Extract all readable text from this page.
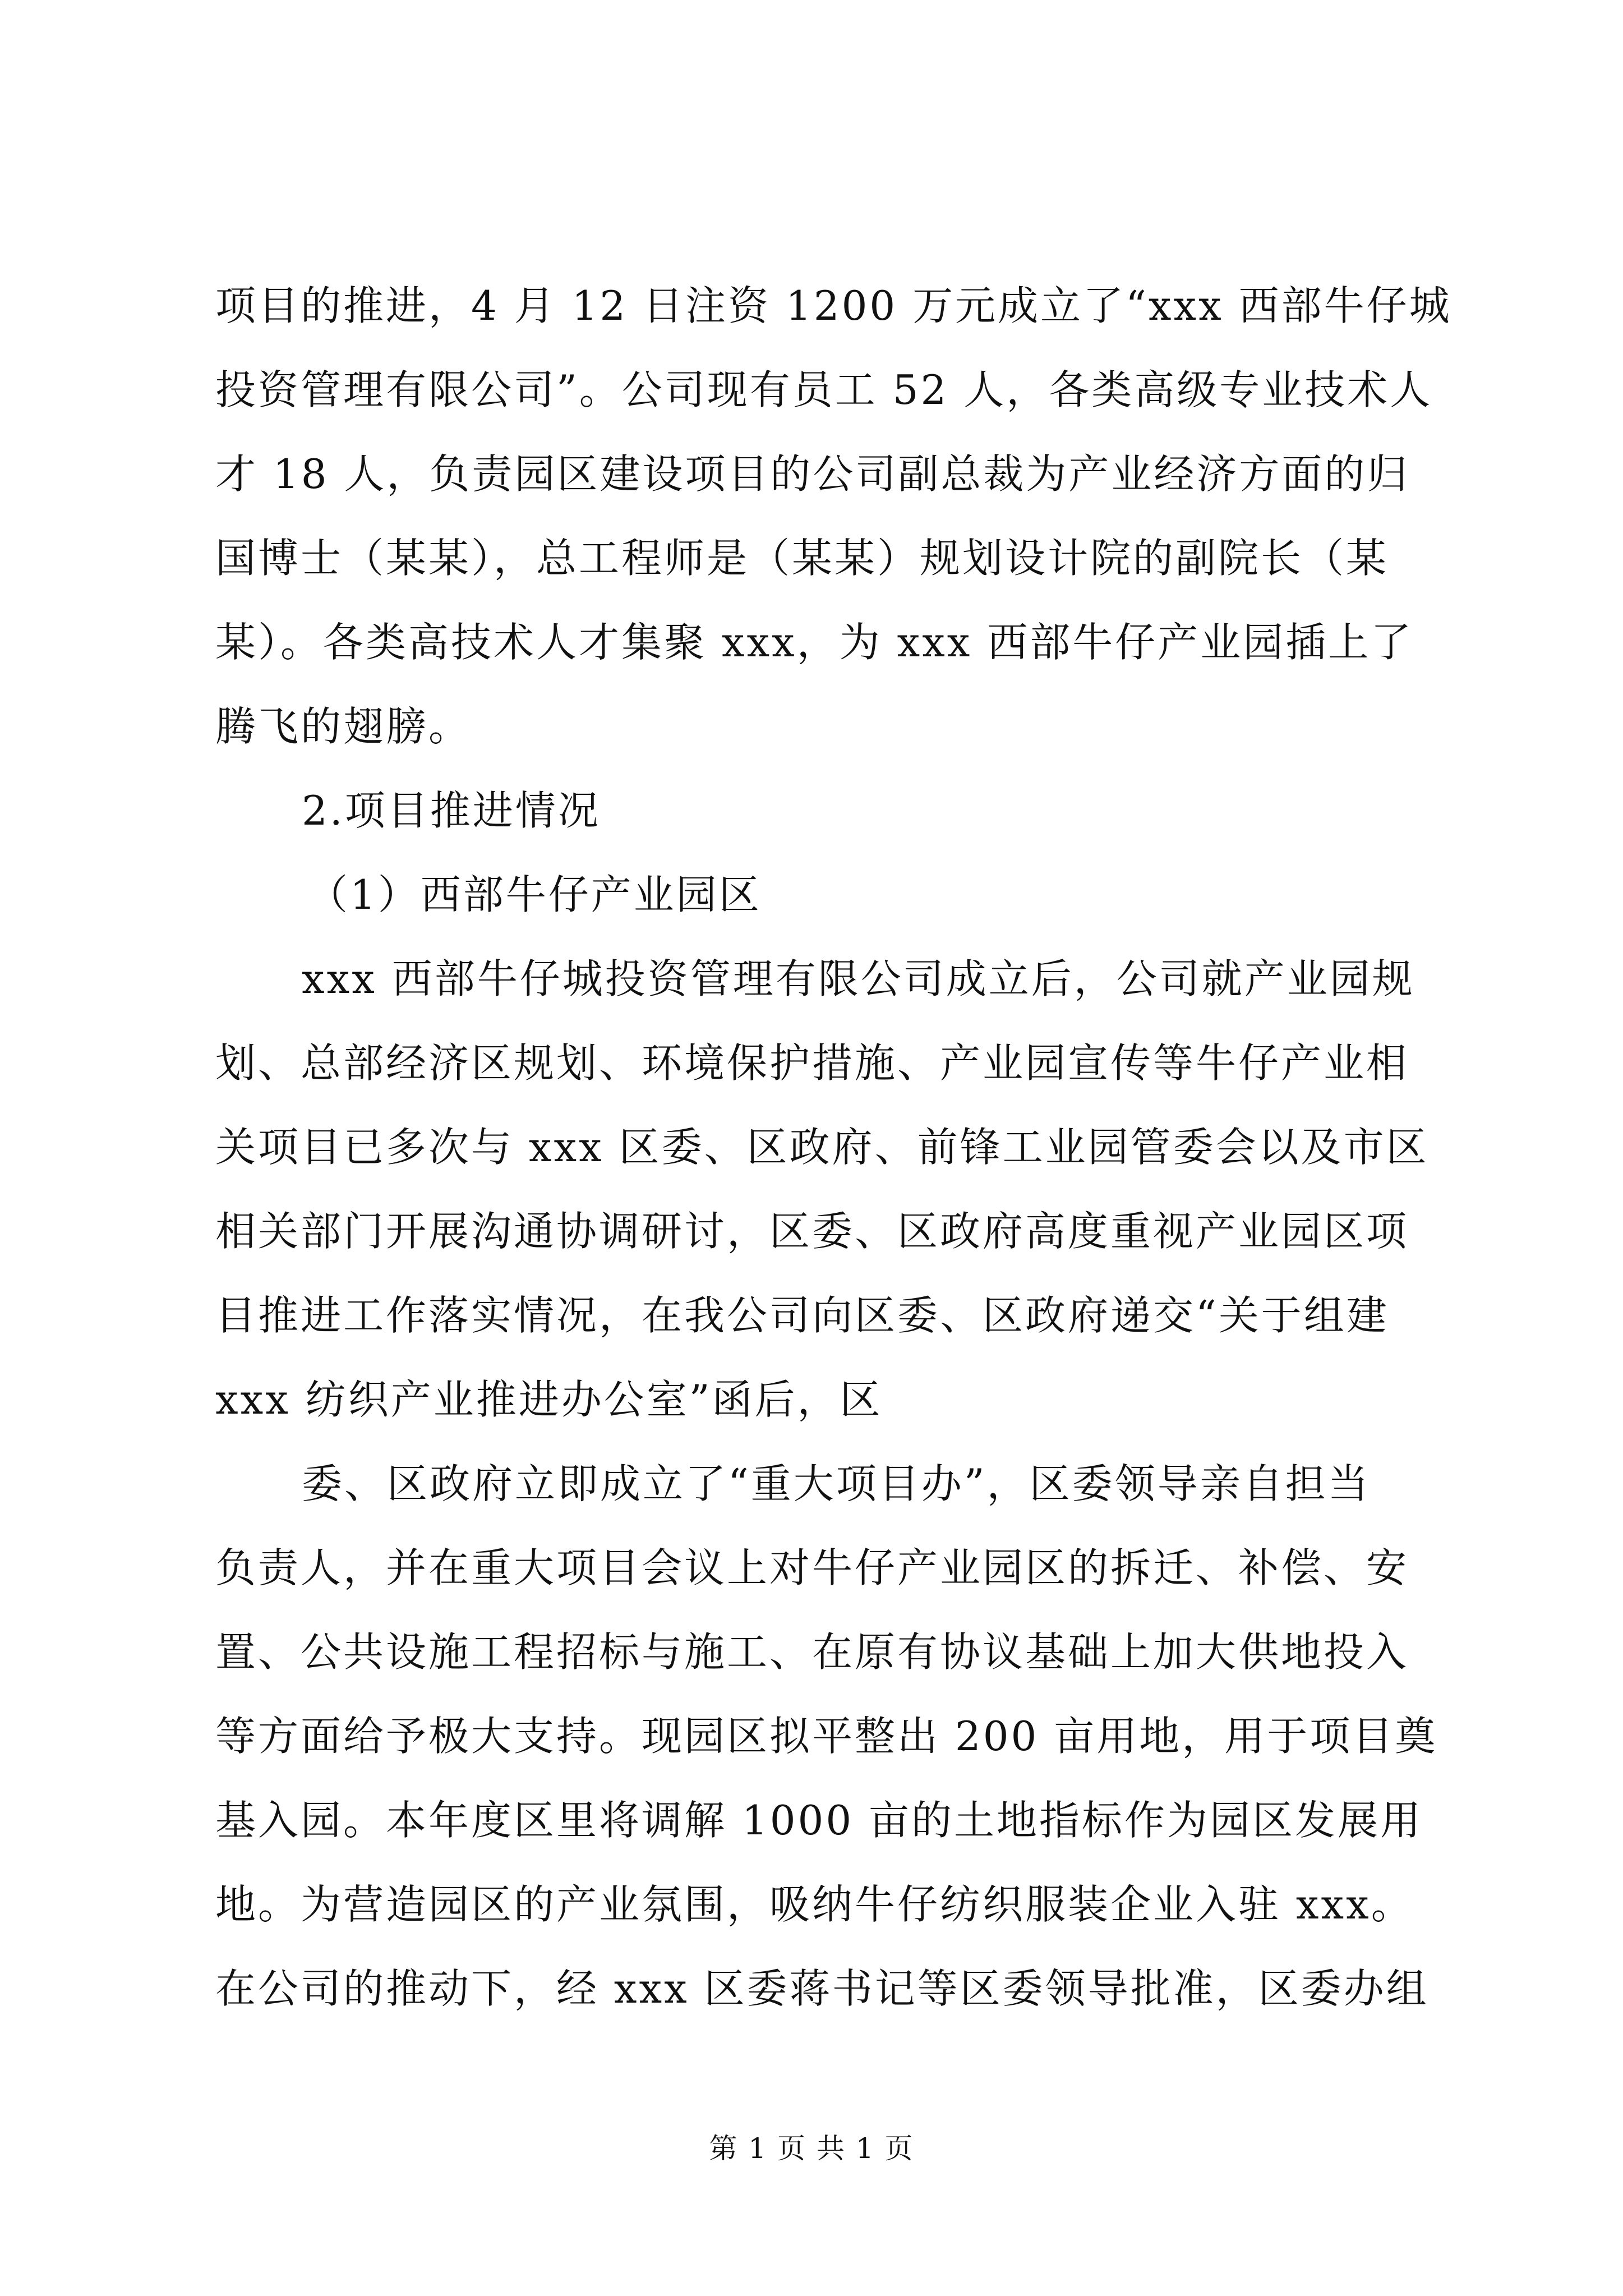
项目的推进，4 月 12 日注资 1200 万元成立了“xxx 西部牛仔城

投资管理有限公司”。公司现有员工 52 人，各类高级专业技术人

才 18 人，负责园区建设项目的公司副总裁为产业经济方面的归

国博士（某某），总工程师是（某某）规划设计院的副院长（某

某）。各类高技术人才集聚 xxx，为 xxx 西部牛仔产业园插上了

腾飞的翅膀。

2.项目推进情况

（1）西部牛仔产业园区

xxx 西部牛仔城投资管理有限公司成立后，公司就产业园规

划、总部经济区规划、环境保护措施、产业园宣传等牛仔产业相

关项目已多次与 xxx 区委、区政府、前锋工业园管委会以及市区

相关部门开展沟通协调研讨，区委、区政府高度重视产业园区项

目推进工作落实情况，在我公司向区委、区政府递交“关于组建

xxx 纺织产业推进办公室”函后，区

委、区政府立即成立了“重大项目办”，区委领导亲自担当

负责人，并在重大项目会议上对牛仔产业园区的拆迁、补偿、安

置、公共设施工程招标与施工、在原有协议基础上加大供地投入

等方面给予极大支持。现园区拟平整出 200 亩用地，用于项目奠

基入园。本年度区里将调解 1000 亩的土地指标作为园区发展用

地。为营造园区的产业氛围，吸纳牛仔纺织服装企业入驻 xxx。

在公司的推动下，经 xxx 区委蒋书记等区委领导批准，区委办组

第 1 页 共 1 页
